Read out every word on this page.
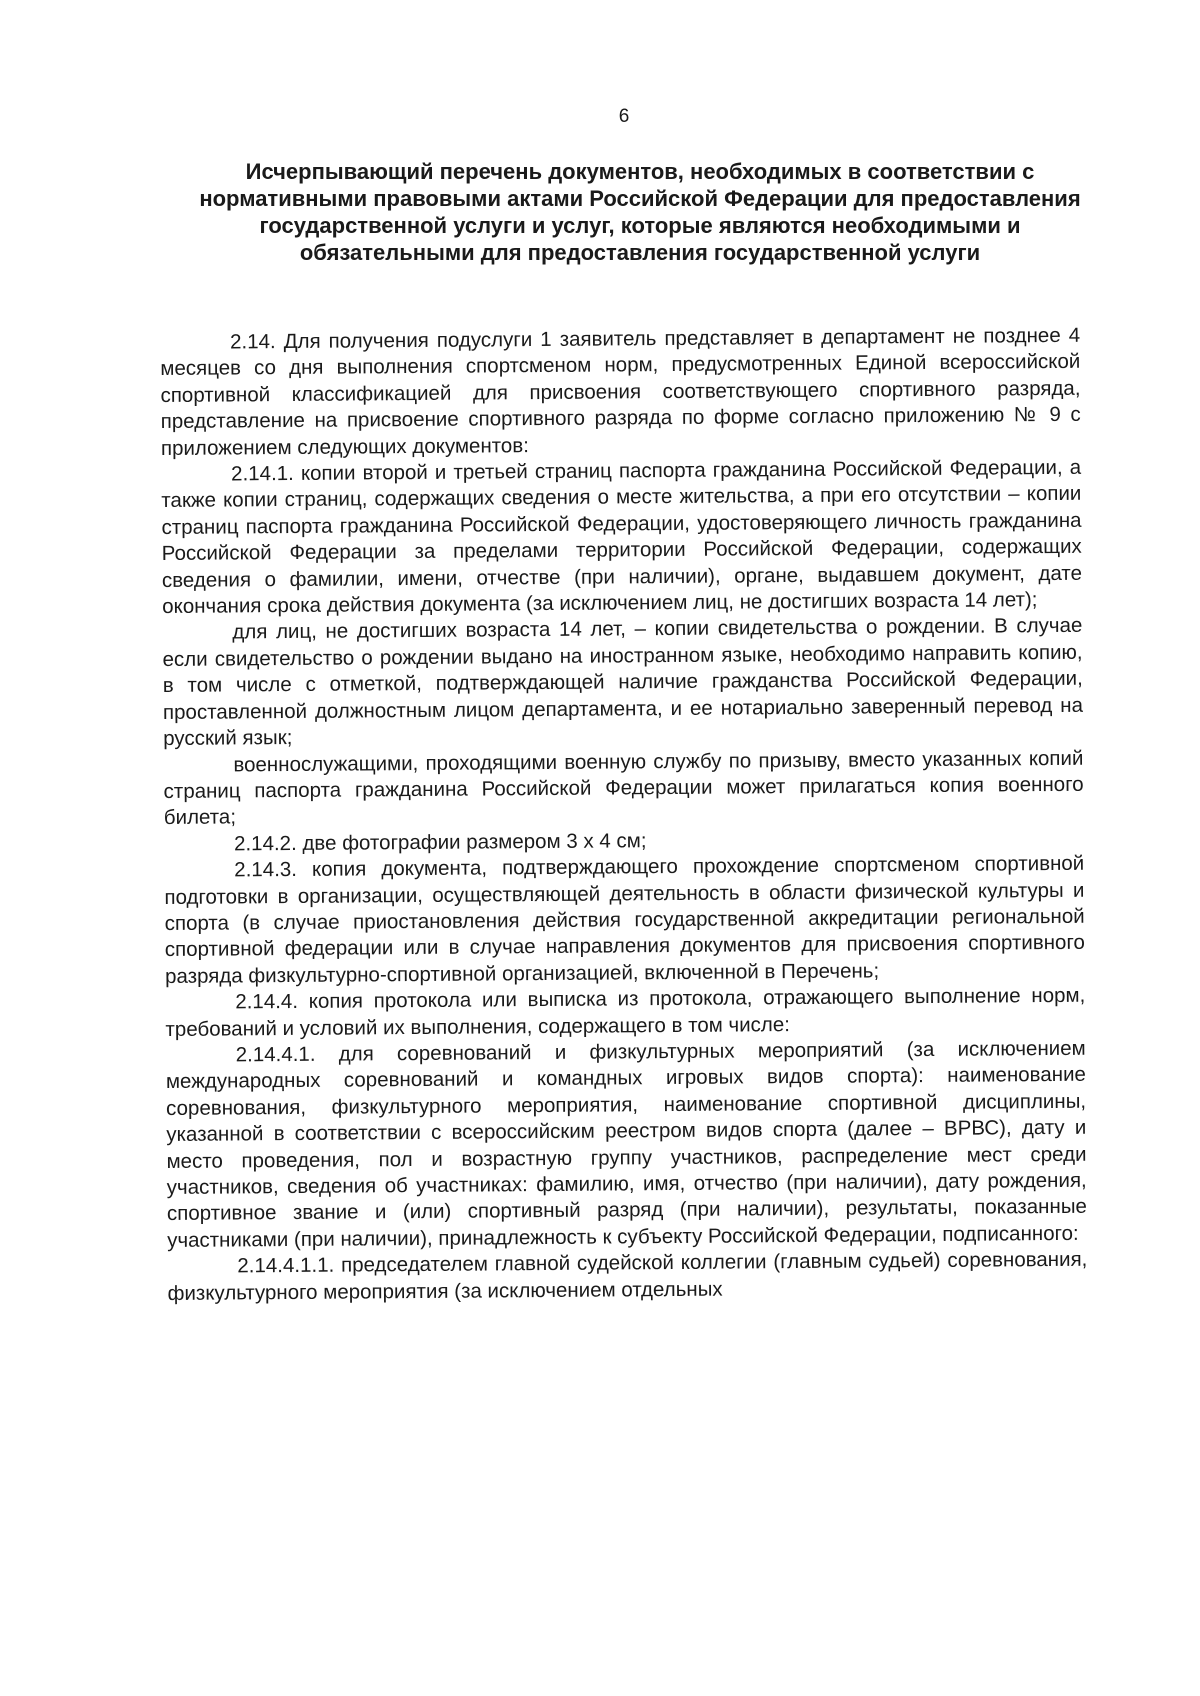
6
Исчерпывающий перечень документов, необходимых в соответствии с нормативными правовыми актами Российской Федерации для предоставления государственной услуги и услуг, которые являются необходимыми и обязательными для предоставления государственной услуги

2.14. Для получения подуслуги 1 заявитель представляет в департамент не позднее 4 месяцев со дня выполнения спортсменом норм, предусмотренных Единой всероссийской спортивной классификацией для присвоения соответствующего спортивного разряда, представление на присвоение спортивного разряда по форме согласно приложению № 9 с приложением следующих документов:

2.14.1. копии второй и третьей страниц паспорта гражданина Российской Федерации, а также копии страниц, содержащих сведения о месте жительства, а при его отсутствии – копии страниц паспорта гражданина Российской Федерации, удостоверяющего личность гражданина Российской Федерации за пределами территории Российской Федерации, содержащих сведения о фамилии, имени, отчестве (при наличии), органе, выдавшем документ, дате окончания срока действия документа (за исключением лиц, не достигших возраста 14 лет);

для лиц, не достигших возраста 14 лет, – копии свидетельства о рождении. В случае если свидетельство о рождении выдано на иностранном языке, необходимо направить копию, в том числе с отметкой, подтверждающей наличие гражданства Российской Федерации, проставленной должностным лицом департамента, и ее нотариально заверенный перевод на русский язык;

военнослужащими, проходящими военную службу по призыву, вместо указанных копий страниц паспорта гражданина Российской Федерации может прилагаться копия военного билета;

2.14.2. две фотографии размером 3 х 4 см;

2.14.3. копия документа, подтверждающего прохождение спортсменом спортивной подготовки в организации, осуществляющей деятельность в области физической культуры и спорта (в случае приостановления действия государственной аккредитации региональной спортивной федерации или в случае направления документов для присвоения спортивного разряда физкультурно-спортивной организацией, включенной в Перечень;

2.14.4. копия протокола или выписка из протокола, отражающего выполнение норм, требований и условий их выполнения, содержащего в том числе:

2.14.4.1. для соревнований и физкультурных мероприятий (за исключением международных соревнований и командных игровых видов спорта): наименование соревнования, физкультурного мероприятия, наименование спортивной дисциплины, указанной в соответствии с всероссийским реестром видов спорта (далее – ВРВС), дату и место проведения, пол и возрастную группу участников, распределение мест среди участников, сведения об участниках: фамилию, имя, отчество (при наличии), дату рождения, спортивное звание и (или) спортивный разряд (при наличии), результаты, показанные участниками (при наличии), принадлежность к субъекту Российской Федерации, подписанного:

2.14.4.1.1. председателем главной судейской коллегии (главным судьей) соревнования, физкультурного мероприятия (за исключением отдельных
